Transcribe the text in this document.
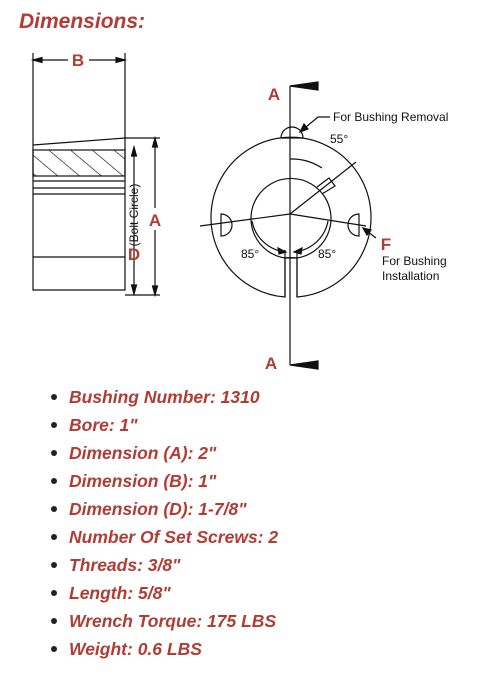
Dimensions:
B
A
D
(Bolt Circle)
A
A
F
For Bushing Removal
55°
85°	85°	For Bushing
Installation
Bushing Number: 1310
Bore: 1"
Dimension (A): 2"
Dimension (B): 1"
Dimension (D): 1-7/8"
Number Of Set Screws: 2
Threads: 3/8"
Length: 5/8"
Wrench Torque: 175 LBS
Weight: 0.6 LBS
